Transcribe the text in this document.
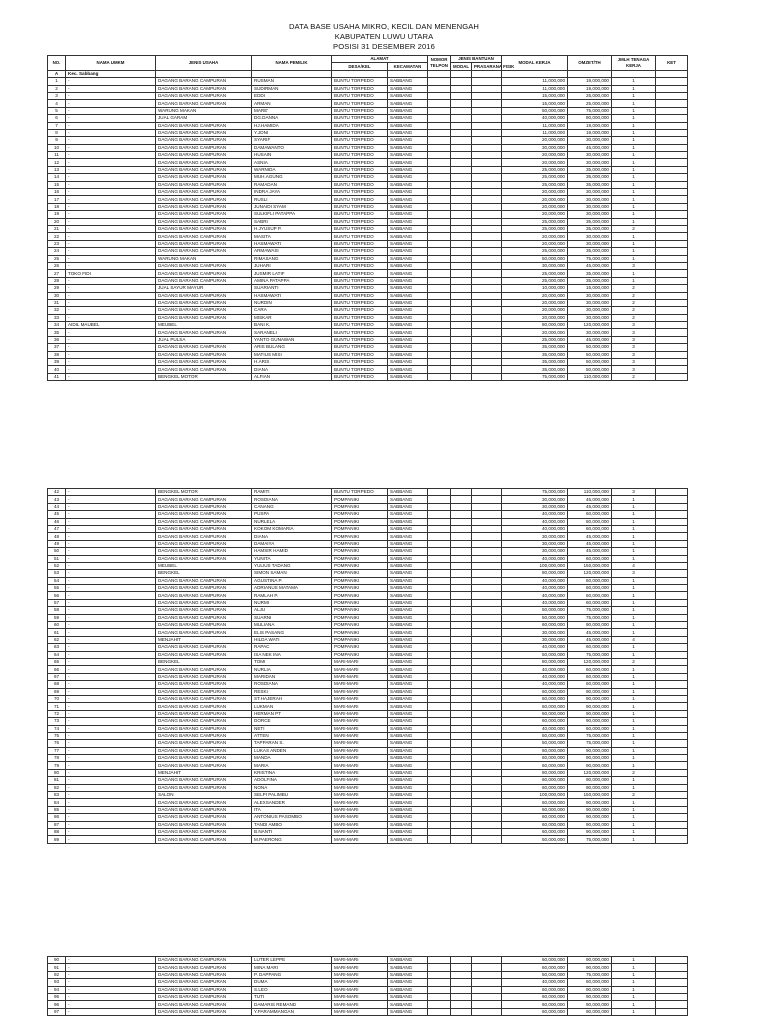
DATA BASE USAHA MIKRO, KECIL DAN MENENGAH
KABUPATEN LUWU UTARA
POSISI 31 DESEMBER 2016
NO.	NAMA UMKM	JENIS USAHA	NAMA PEMILIK	ALAMAT		NOMOR TELPON	JENIS BANTUAN		MODAL KERJA	OMZET/TH	JMLH TENAGA KERJA	KET
				DESA/KEL	KECAMATAN		MODAL	PRASARANA FISIK				
A	Kec. Sabbang											
1	-	DAGANG BARANG CAMPURAN	RUSMAN	BUNTU TORPEDO	SABBANG				11,000,000	19,000,000	1	
2	-	DAGANG BARANG CAMPURAN	SUDIRMAN	BUNTU TORPEDO	SABBANG				11,000,000	19,000,000	1	
3	-	DAGANG BARANG CAMPURAN	EDDI	BUNTU TORPEDO	SABBANG				15,000,000	25,000,000	1	
4	-	DAGANG BARANG CAMPURAN	ARMAN	BUNTU TORPEDO	SABBANG				15,000,000	25,000,000	1	
5	-	WARUNG MAKAN	MARE'	BUNTU TORPEDO	SABBANG				50,000,000	75,000,000	1	
6	-	JUAL GARAM	DG.DANNA	BUNTU TORPEDO	SABBANG				40,000,000	80,000,000	1	
7	-	DAGANG BARANG CAMPURAN	HJ.HAMIDA	BUNTU TORPEDO	SABBANG				11,000,000	19,000,000	1	
8	-	DAGANG BARANG CAMPURAN	Y.JONI	BUNTU TORPEDO	SABBANG				11,000,000	19,000,000	1	
9	-	DAGANG BARANG CAMPURAN	SYARIF	BUNTU TORPEDO	SABBANG				20,000,000	30,000,000	1	
10	-	DAGANG BARANG CAMPURAN	DAMAWANTO	BUNTU TORPEDO	SABBANG				30,000,000	45,000,000	1	
11	-	DAGANG BARANG CAMPURAN	HUSAIN	BUNTU TORPEDO	SABBANG				20,000,000	30,000,000	1	
12	-	DAGANG BARANG CAMPURAN	ASNIA	BUNTU TORPEDO	SABBANG				20,000,000	30,000,000	1	
13	-	DAGANG BARANG CAMPURAN	WARNIDA	BUNTU TORPEDO	SABBANG				25,000,000	35,000,000	1	
14	-	DAGANG BARANG CAMPURAN	MUH.AGUNG	BUNTU TORPEDO	SABBANG				25,000,000	35,000,000	1	
15	-	DAGANG BARANG CAMPURAN	RAMADAN	BUNTU TORPEDO	SABBANG				25,000,000	35,000,000	1	
16	-	DAGANG BARANG CAMPURAN	INDRA JAYA	BUNTU TORPEDO	SABBANG				20,000,000	30,000,000	1	
17	-	DAGANG BARANG CAMPURAN	RUSLI	BUNTU TORPEDO	SABBANG				20,000,000	30,000,000	1	
18	-	DAGANG BARANG CAMPURAN	JUNAIDI SYAM	BUNTU TORPEDO	SABBANG				20,000,000	30,000,000	1	
19	-	DAGANG BARANG CAMPURAN	SULKIFLI PATAPPA	BUNTU TORPEDO	SABBANG				20,000,000	30,000,000	1	
20	-	DAGANG BARANG CAMPURAN	SABRI	BUNTU TORPEDO	SABBANG				25,000,000	35,000,000	1	
21	-	DAGANG BARANG CAMPURAN	H.JYUSUP P.	BUNTU TORPEDO	SABBANG				25,000,000	35,000,000	2	
22	-	DAGANG BARANG CAMPURAN	MASITA	BUNTU TORPEDO	SABBANG				20,000,000	30,000,000	1	
23	-	DAGANG BARANG CAMPURAN	HASMAWATI	BUNTU TORPEDO	SABBANG				20,000,000	30,000,000	1	
24	-	DAGANG BARANG CAMPURAN	ARMAWASI	BUNTU TORPEDO	SABBANG				25,000,000	35,000,000	1	
25	-	WARUNG MAKAN	RIMASANG	BUNTU TORPEDO	SABBANG				50,000,000	75,000,000	1	
26	-	DAGANG BARANG CAMPURAN	JUHARI	BUNTU TORPEDO	SABBANG				30,000,000	45,000,000	3	
27	TOKO FIDI	DAGANG BARANG CAMPURAN	JUSMIR LATIF	BUNTU TORPEDO	SABBANG				25,000,000	35,000,000	1	
28	-	DAGANG BARANG CAMPURAN	AMINA PATAPPA	BUNTU TORPEDO	SABBANG				25,000,000	35,000,000	1	
29	-	JUAL SAYUR MAYUR	SUARIANTI	BUNTU TORPEDO	SABBANG				10,000,000	15,000,000	2	
30	-	DAGANG BARANG CAMPURAN	HASMAWATI	BUNTU TORPEDO	SABBANG				20,000,000	30,000,000	2	
31	-	DAGANG BARANG CAMPURAN	NURDIN	BUNTU TORPEDO	SABBANG				20,000,000	30,000,000	2	
32	-	DAGANG BARANG CAMPURAN	CARA	BUNTU TORPEDO	SABBANG				20,000,000	30,000,000	2	
33	-	DAGANG BARANG CAMPURAN	MISKAR	BUNTU TORPEDO	SABBANG				20,000,000	30,000,000	2	
34	AIDIL MAUBEL	MEUBEL	BANI K.	BUNTU TORPEDO	SABBANG				80,000,000	120,000,000	3	
35	-	DAGANG BARANG CAMPURAN	SARANELI	BUNTU TORPEDO	SABBANG				20,000,000	30,000,000	3	
36	-	JUAL PULSA	YANTO GUNAWAN	BUNTU TORPEDO	SABBANG				25,000,000	45,000,000	3	
37	-	DAGANG BARANG CAMPURAN	ARIS BULANG	BUNTU TORPEDO	SABBANG				35,000,000	50,000,000	3	
38	-	DAGANG BARANG CAMPURAN	MATIUS MISI	BUNTU TORPEDO	SABBANG				35,000,000	50,000,000	3	
39	-	DAGANG BARANG CAMPURAN	H.ARIS	BUNTU TORPEDO	SABBANG				35,000,000	50,000,000	3	
40	-	DAGANG BARANG CAMPURAN	DIANA	BUNTU TORPEDO	SABBANG				35,000,000	50,000,000	3	
41	-	BENGKEL MOTOR	ALFIAN	BUNTU TORPEDO	SABBANG				75,000,000	110,000,000	2	
42	-	BENGKEL MOTOR	RAMITI	BUNTU TORPEDO	SABBANG				75,000,000	110,000,000	3	
43	-	DAGANG BARANG CAMPURAN	ROSDIANA	POMPANIKI	SABBANG				30,000,000	45,000,000	1	
44	-	DAGANG BARANG CAMPURAN	CANANG	POMPANIKI	SABBANG				30,000,000	45,000,000	1	
45	-	DAGANG BARANG CAMPURAN	PUSPA	POMPANIKI	SABBANG				40,000,000	60,000,000	1	
46	-	DAGANG BARANG CAMPURAN	NURLELA	POMPANIKI	SABBANG				40,000,000	60,000,000	1	
47	-	DAGANG BARANG CAMPURAN	KOKOM KOMARIA	POMPANIKI	SABBANG				40,000,000	60,000,000	1	
48	-	DAGANG BARANG CAMPURAN	DIANA	POMPANIKI	SABBANG				30,000,000	45,000,000	1	
49	-	DAGANG BARANG CAMPURAN	DAMAIYA	POMPANIKI	SABBANG				30,000,000	45,000,000	1	
50	-	DAGANG BARANG CAMPURAN	HAMSIR HAMID	POMPANIKI	SABBANG				30,000,000	45,000,000	1	
51	-	DAGANG BARANG CAMPURAN	YUNITA	POMPANIKI	SABBANG				40,000,000	60,000,000	1	
52	-	MEUBEL	YULIUS TADANG	POMPANIKI	SABBANG				100,000,000	150,000,000	4	
53	-	BENGKEL	SIMON SAMAN	POMPANIKI	SABBANG				80,000,000	120,000,000	3	
54	-	DAGANG BARANG CAMPURAN	AGUSTINA P.	POMPANIKI	SABBANG				40,000,000	60,000,000	1	
55	-	DAGANG BARANG CAMPURAN	ADRIANUS MATAMA	POMPANIKI	SABBANG				40,000,000	60,000,000	1	
56	-	DAGANG BARANG CAMPURAN	RAMLAH P.	POMPANIKI	SABBANG				40,000,000	60,000,000	1	
57	-	DAGANG BARANG CAMPURAN	NURMI	POMPANIKI	SABBANG				40,000,000	60,000,000	1	
58	-	DAGANG BARANG CAMPURAN	ALJU	POMPANIKI	SABBANG				50,000,000	75,000,000	1	
59	-	DAGANG BARANG CAMPURAN	SUARNI	POMPANIKI	SABBANG				50,000,000	75,000,000	1	
60	-	DAGANG BARANG CAMPURAN	MULIANA	POMPANIKI	SABBANG				60,000,000	90,000,000	1	
61	-	DAGANG BARANG CAMPURAN	ELIS PASANG	POMPANIKI	SABBANG				30,000,000	45,000,000	1	
62	-	MENJAHIT	HILDA WATI	POMPANIKI	SABBANG				30,000,000	45,000,000	4	
63	-	DAGANG BARANG CAMPURAN	RAPAC	POMPANIKI	SABBANG				40,000,000	60,000,000	1	
64	-	DAGANG BARANG CAMPURAN	ISA NEK INA	POMPANIKI	SABBANG				50,000,000	75,000,000	1	
65	-	BENGKEL	TOMI	MARI-MARI	SABBANG				80,000,000	120,000,000	2	
66	-	DAGANG BARANG CAMPURAN	NURLIA	MARI-MARI	SABBANG				40,000,000	60,000,000	1	
67	-	DAGANG BARANG CAMPURAN	MARIDAN	MARI-MARI	SABBANG				40,000,000	60,000,000	1	
68	-	DAGANG BARANG CAMPURAN	ROSDIANA	MARI-MARI	SABBANG				40,000,000	60,000,000	1	
69	-	DAGANG BARANG CAMPURAN	RESKI	MARI-MARI	SABBANG				60,000,000	90,000,000	1	
70	-	DAGANG BARANG CAMPURAN	ST.HAJERAH	MARI-MARI	SABBANG				60,000,000	90,000,000	1	
71	-	DAGANG BARANG CAMPURAN	LUKMAN	MARI-MARI	SABBANG				60,000,000	90,000,000	1	
72	-	DAGANG BARANG CAMPURAN	HERMAN PT	MARI-MARI	SABBANG				60,000,000	90,000,000	1	
73	-	DAGANG BARANG CAMPURAN	DORCE	MARI-MARI	SABBANG				60,000,000	90,000,000	1	
74	-	DAGANG BARANG CAMPURAN	NETI	MARI-MARI	SABBANG				40,000,000	60,000,000	1	
75	-	DAGANG BARANG CAMPURAN	ATTEN	MARI-MARI	SABBANG				50,000,000	75,000,000	1	
76	-	DAGANG BARANG CAMPURAN	TAPPARAN S.	MARI-MARI	SABBANG				50,000,000	75,000,000	1	
77	-	DAGANG BARANG CAMPURAN	LUKAS ANDEN	MARI-MARI	SABBANG				60,000,000	90,000,000	1	
78	-	DAGANG BARANG CAMPURAN	MANDA	MARI-MARI	SABBANG				60,000,000	90,000,000	1	
79	-	DAGANG BARANG CAMPURAN	MARIA	MARI-MARI	SABBANG				60,000,000	90,000,000	1	
80	-	MENJAHIT	KRISTINA	MARI-MARI	SABBANG				80,000,000	120,000,000	2	
81	-	DAGANG BARANG CAMPURAN	ADOLFINA	MARI-MARI	SABBANG				60,000,000	90,000,000	1	
82	-	DAGANG BARANG CAMPURAN	NONA	MARI-MARI	SABBANG				60,000,000	90,000,000	1	
83	-	SALON	SELPI PALIMBU	MARI-MARI	SABBANG				100,000,000	150,000,000	2	
84	-	DAGANG BARANG CAMPURAN	ALEXSANDER	MARI-MARI	SABBANG				60,000,000	90,000,000	1	
85	-	DAGANG BARANG CAMPURAN	ITA	MARI-MARI	SABBANG				60,000,000	90,000,000	1	
86	-	DAGANG BARANG CAMPURAN	ANTONIUS PASOMBO	MARI-MARI	SABBANG				60,000,000	90,000,000	1	
87	-	DAGANG BARANG CAMPURAN	TANDI AMBO	MARI-MARI	SABBANG				60,000,000	90,000,000	1	
88	-	DAGANG BARANG CAMPURAN	B.NANTI	MARI-MARI	SABBANG				60,000,000	90,000,000	1	
89	-	DAGANG BARANG CAMPURAN	M.PAERONG	MARI-MARI	SABBANG				50,000,000	75,000,000	1	
90	-	DAGANG BARANG CAMPURAN	LUTER LEPPE	MARI-MARI	SABBANG				60,000,000	90,000,000	1	
91	-	DAGANG BARANG CAMPURAN	MINA MARI	MARI-MARI	SABBANG				60,000,000	90,000,000	1	
92	-	DAGANG BARANG CAMPURAN	P. DAPPANG	MARI-MARI	SABBANG				50,000,000	75,000,000	1	
93	-	DAGANG BARANG CAMPURAN	DUMA	MARI-MARI	SABBANG				40,000,000	60,000,000	1	
94	-	DAGANG BARANG CAMPURAN	S.LEO	MARI-MARI	SABBANG				60,000,000	90,000,000	1	
95	-	DAGANG BARANG CAMPURAN	TUTI	MARI-MARI	SABBANG				60,000,000	90,000,000	1	
96	-	DAGANG BARANG CAMPURAN	DAMARIS REMAND	MARI-MARI	SABBANG				60,000,000	90,000,000	1	
97	-	DAGANG BARANG CAMPURAN	Y.PARAMMANGAN	MARI-MARI	SABBANG				60,000,000	90,000,000	1	
